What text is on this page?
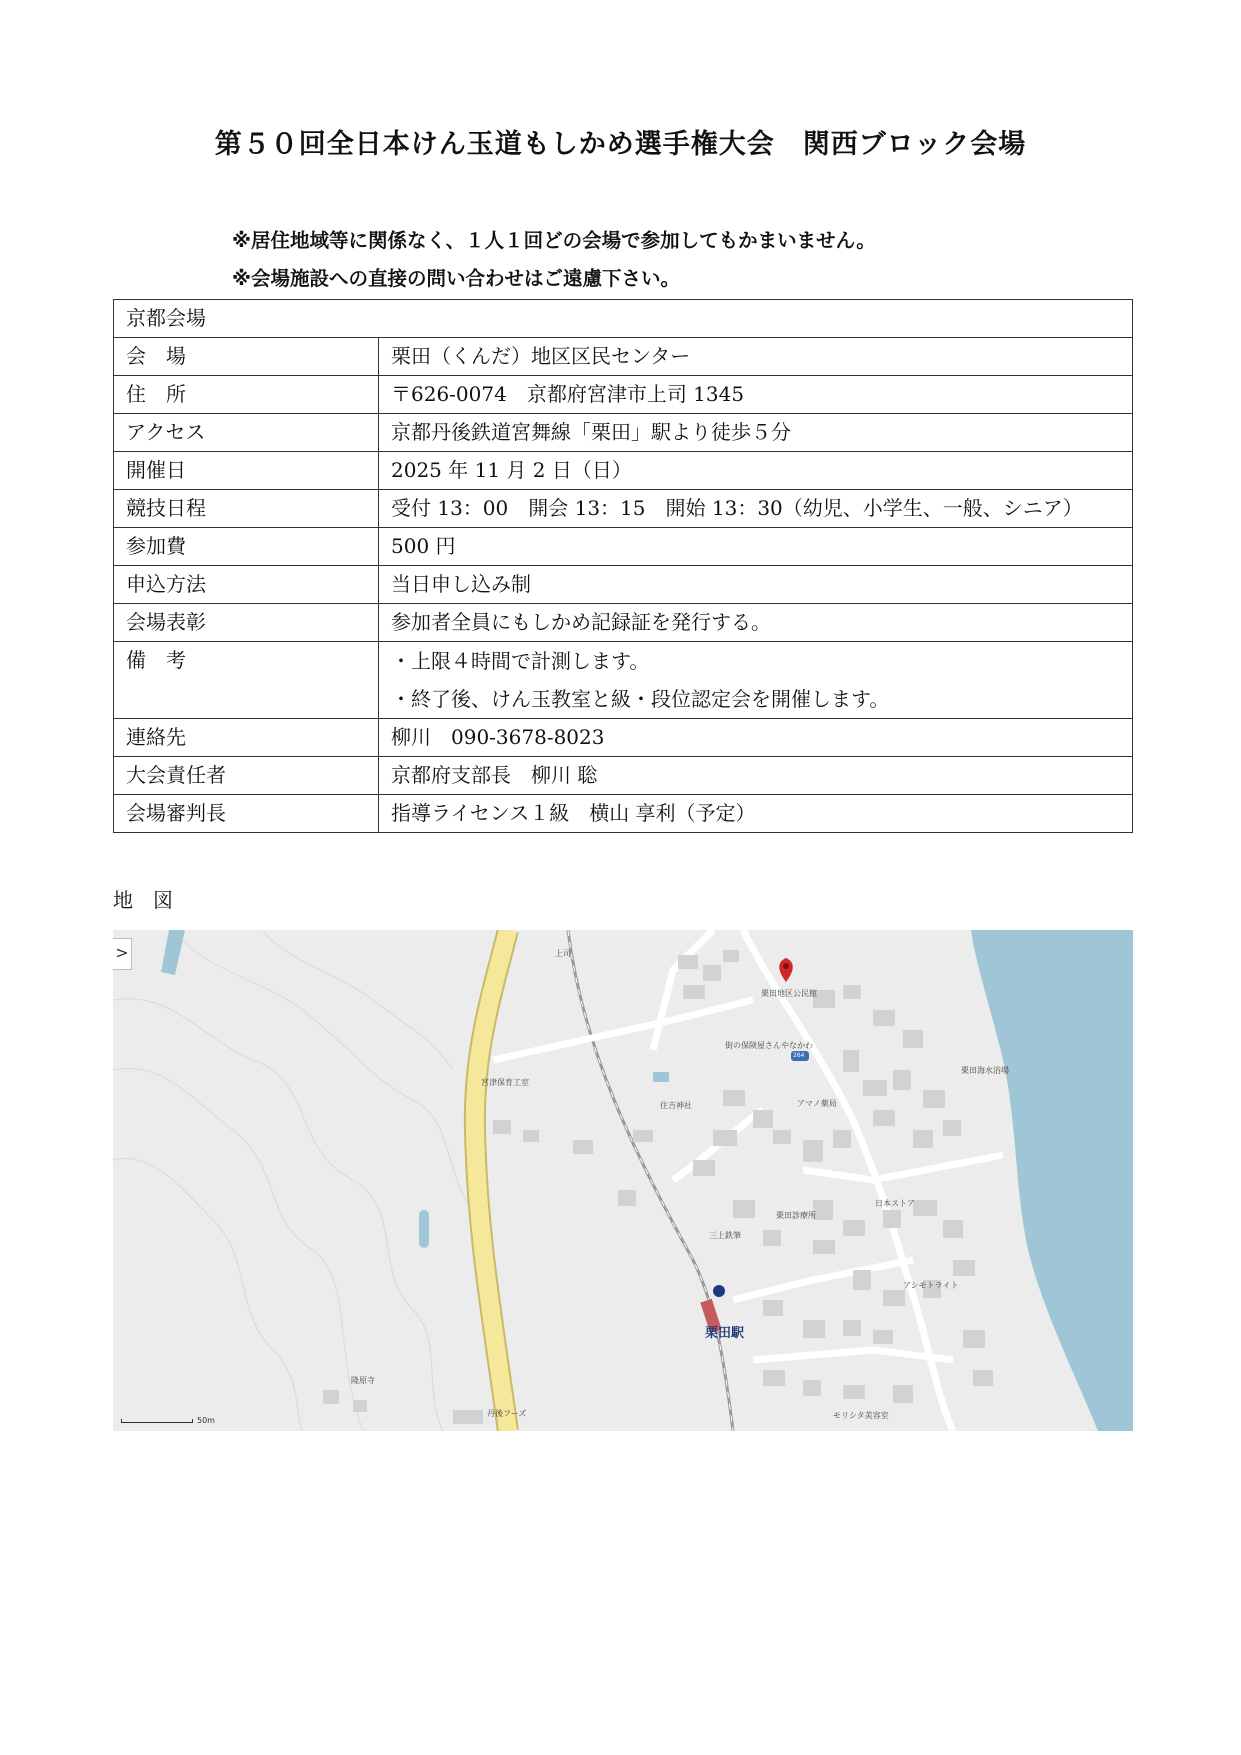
第５０回全日本けん玉道もしかめ選手権大会　関西ブロック会場
※居住地域等に関係なく、１人１回どの会場で参加してもかまいません。
※会場施設への直接の問い合わせはご遠慮下さい。
京都会場	
会　場	栗田（くんだ）地区区民センター
住　所	〒626-0074　京都府宮津市上司 1345
アクセス	京都丹後鉄道宮舞線「栗田」駅より徒歩５分
開催日	2025 年 11 月 2 日（日）
競技日程	受付 13：00　開会 13：15　開始 13：30（幼児、小学生、一般、シニア）
参加費	500 円
申込方法	当日申し込み制
会場表彰	参加者全員にもしかめ記録証を発行する。
備　考	・上限４時間で計測します。
・終了後、けん玉教室と級・段位認定会を開催します。

連絡先	柳川　090-3678-8023
大会責任者	京都府支部長　柳川 聡
会場審判長	指導ライセンス１級　横山 享利（予定）
地　図
>	上司
栗田地区公民館
街の保険屋さんやなかわ
264
宮津保育工室
住吉神社	アマノ薬局
栗田海水浴場
栗田診療所
日本ストア
三上鉄筆
アシモトライト
隆原寺
丹後フーズ	モリシタ美容室
栗田駅
50m
